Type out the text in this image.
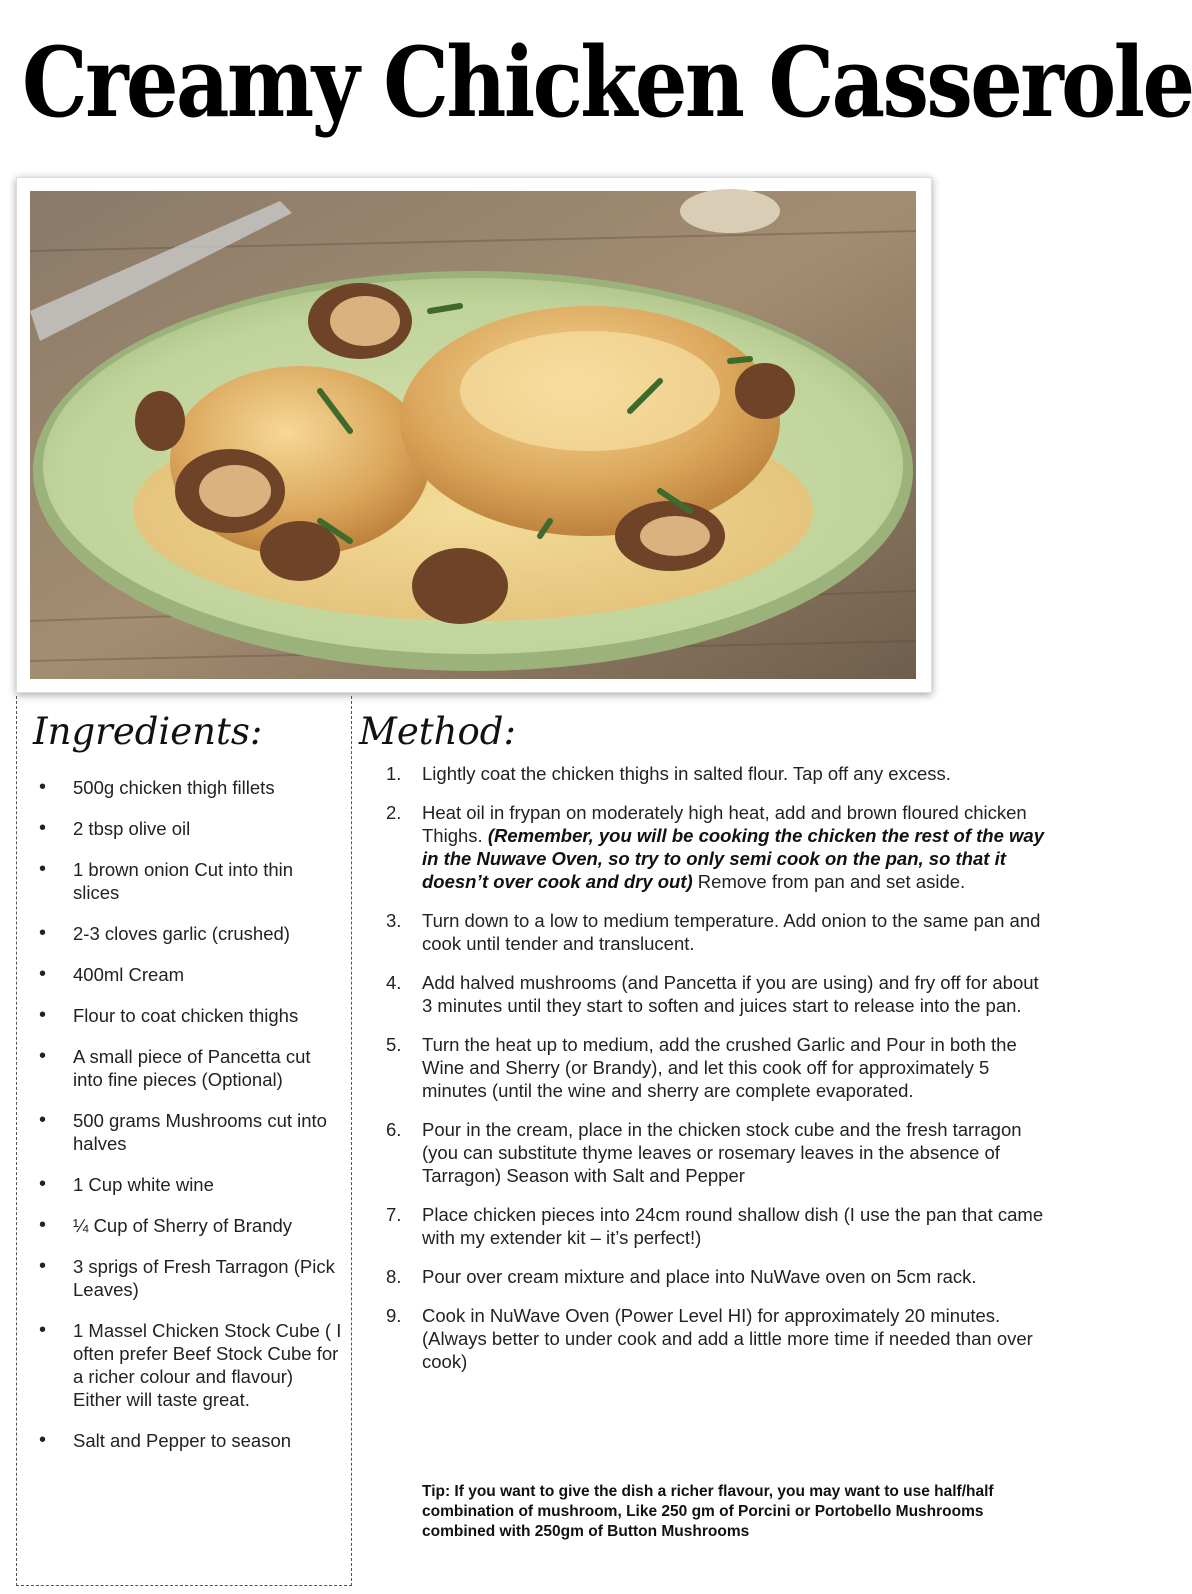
Creamy Chicken Casserole
Ingredients:
• 500g chicken thigh fillets
• 2 tbsp olive oil
• 1 brown onion Cut into thin slices
• 2-3 cloves garlic (crushed)
• 400ml Cream
• Flour to coat chicken thighs
• A small piece of Pancetta cut into fine pieces (Optional)
• 500 grams Mushrooms cut into halves
• 1 Cup white wine
• ¼ Cup of Sherry of Brandy
• 3 sprigs of Fresh Tarragon (Pick Leaves)
• 1 Massel Chicken Stock Cube ( I often prefer Beef Stock Cube for a richer colour and flavour) Either will taste great.
• Salt and Pepper to season
Method:
1. Lightly coat the chicken thighs in salted flour. Tap off any excess.
2. Heat oil in frypan on moderately high heat, add and brown floured chicken Thighs. (Remember, you will be cooking the chicken the rest of the way in the Nuwave Oven, so try to only semi cook on the pan, so that it doesn’t over cook and dry out) Remove from pan and set aside.
3. Turn down to a low to medium temperature. Add onion to the same pan and cook until tender and translucent.
4. Add halved mushrooms (and Pancetta if you are using) and fry off for about 3 minutes until they start to soften and juices start to release into the pan.
5. Turn the heat up to medium, add the crushed Garlic and Pour in both the Wine and Sherry (or Brandy), and let this cook off for approximately 5 minutes (until the wine and sherry are complete evaporated.
6. Pour in the cream, place in the chicken stock cube and the fresh tarragon (you can substitute thyme leaves or rosemary leaves in the absence of Tarragon) Season with Salt and Pepper
7. Place chicken pieces into 24cm round shallow dish (I use the pan that came with my extender kit – it’s perfect!)
8. Pour over cream mixture and place into NuWave oven on 5cm rack.
9. Cook in NuWave Oven (Power Level HI) for approximately 20 minutes. (Always better to under cook and add a little more time if needed than over cook)
Tip: If you want to give the dish a richer flavour, you may want to use half/half combination of mushroom, Like 250 gm of Porcini or Portobello Mushrooms combined with 250gm of Button Mushrooms
